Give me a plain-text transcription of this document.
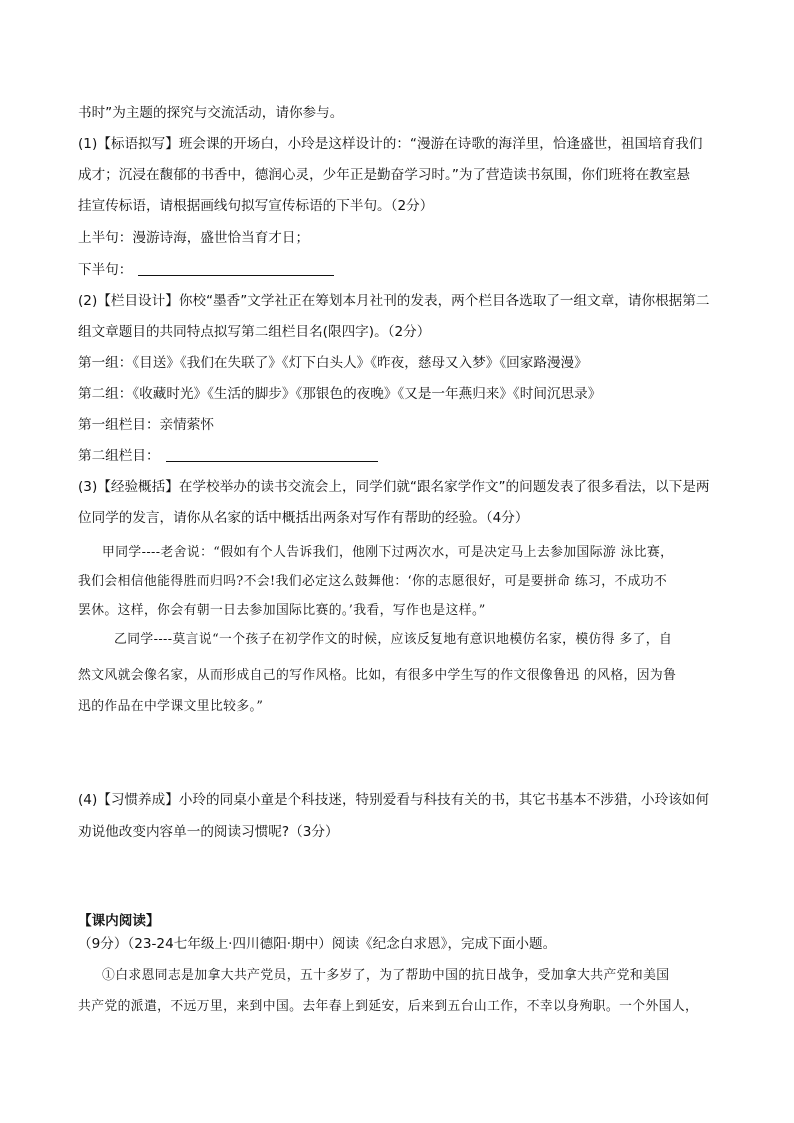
书时”为主题的探究与交流活动，请你参与。
(1)【标语拟写】班会课的开场白，小玲是这样设计的：“漫游在诗歌的海洋里，恰逢盛世，祖国培育我们
成才；沉浸在馥郁的书香中，德润心灵，少年正是勤奋学习时。”为了营造读书氛围，你们班将在教室悬
挂宣传标语，请根据画线句拟写宣传标语的下半句。（2分）
上半句：漫游诗海，盛世恰当育才日；
下半句：
(2)【栏目设计】你校“墨香”文学社正在筹划本月社刊的发表，两个栏目各选取了一组文章，请你根据第二
组文章题目的共同特点拟写第二组栏目名(限四字)。（2分）
第一组：《目送》《我们在失联了》《灯下白头人》《昨夜，慈母又入梦》《回家路漫漫》
第二组：《收藏时光》《生活的脚步》《那银色的夜晚》《又是一年燕归来》《时间沉思录》
第一组栏目：亲情萦怀
第二组栏目：
(3)【经验概括】在学校举办的读书交流会上，同学们就“跟名家学作文”的问题发表了很多看法，以下是两
位同学的发言，请你从名家的话中概括出两条对写作有帮助的经验。（4分）
甲同学----老舍说：“假如有个人告诉我们，他刚下过两次水，可是决定马上去参加国际游 泳比赛，
我们会相信他能得胜而归吗?不会!我们必定这么鼓舞他：‘你的志愿很好，可是要拼命 练习，不成功不
罢休。这样，你会有朝一日去参加国际比赛的。’我看，写作也是这样。”
乙同学----莫言说“一个孩子在初学作文的时候，应该反复地有意识地模仿名家，模仿得 多了，自
然文风就会像名家，从而形成自己的写作风格。比如，有很多中学生写的作文很像鲁迅 的风格，因为鲁
迅的作品在中学课文里比较多。”
(4)【习惯养成】小玲的同桌小童是个科技迷，特别爱看与科技有关的书，其它书基本不涉猎，小玲该如何
劝说他改变内容单一的阅读习惯呢?（3分）
【课内阅读】
（9分）（23-24七年级上·四川德阳·期中）阅读《纪念白求恩》，完成下面小题。
①白求恩同志是加拿大共产党员，五十多岁了，为了帮助中国的抗日战争，受加拿大共产党和美国
共产党的派遣，不远万里，来到中国。去年春上到延安，后来到五台山工作，不幸以身殉职。一个外国人，
